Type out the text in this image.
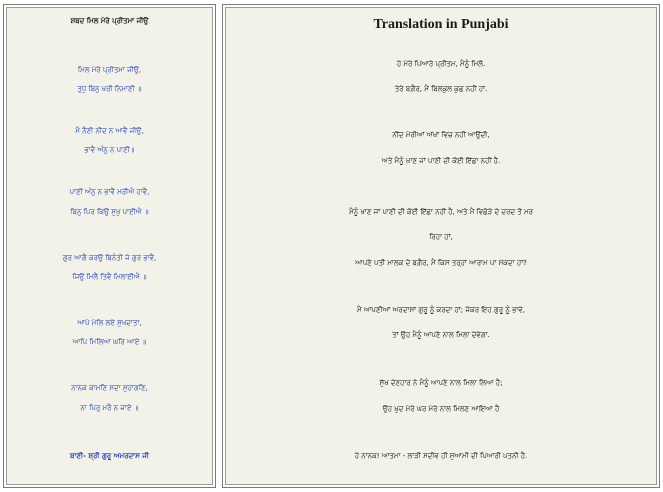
ਸ਼ਬਦ ਮਿਲ ਮੇਰੇ ਪ੍ਰੀਤਮਾ ਜੀਉ
ਮਿਲ ਮੇਰੇ ਪ੍ਰੀਤਮਾ ਜੀਉ,
ਤੁਧੁ ਬਿਨੁ ਖਰੀ ਨਿਮਾਣੀ ॥
ਮੈ ਨੈਣੀ ਨੀਦ ਨ ਆਵੈ ਜੀਉ,
ਭਾਵੈ ਅੰਨੁ ਨ ਪਾਣੀ॥
ਪਾਣੀ ਅੰਨੁ ਨ ਭਾਵੈ ਮਰੀਐ ਹਾਵੈ,
ਬਿਨੁ ਪਿਰ ਕਿਉ ਸੁਖੁ ਪਾਈਐ ॥
ਗੁਰ ਆਗੈ ਕਰਉ ਬਿਨੰਤੀ ਜੇ ਗੁਰ ਭਾਵੈ,
ਜਿਉ ਮਿਲੈ ਤਿਵੈ ਮਿਲਾਈਐ ॥
ਆਪੇ ਮੇਲਿ ਲਏ ਸੁਖਦਾਤਾ,
ਆਪਿ ਮਿਲਿਆ ਘਰਿ ਆਏ ॥
ਨਾਨਕ ਕਾਮਣਿ ਸਦਾ ਸੁਹਾਗਣਿ,
ਨਾ ਪਿਰੁ ਮਰੈ ਨ ਜਾਏ ॥
ਬਾਣੀ- ਸ਼੍ਰੀ ਗੁਰੂ ਅਮਰਦਾਸ ਜੀ
Translation in Punjabi
ਹੇ ਮੇਰੇ ਪਿਆਰੇ ਪ੍ਰੀਤਮ, ਮੈਨੂੰ ਮਿਲੋ.
ਤੇਰੇ ਬਗ਼ੈਰ, ਮੈਂ ਬਿਲਕੁਲ ਕੁਛ ਨਹੀਂ ਹਾਂ.
ਨੀਂਦ ਮੇਰੀਆਂ ਅੱਖਾਂ ਵਿਚ ਨਹੀਂ ਆਉਂਦੀ,
ਅਤੇ ਮੈਨੂੰ ਖਾਣ ਜਾਂ ਪਾਣੀ ਦੀ ਕੋਈ ਇੱਛਾ ਨਹੀਂ ਹੈ.
ਮੈਨੂੰ ਖਾਣ ਜਾਂ ਪਾਣੀ ਦੀ ਕੋਈ ਇੱਛਾ ਨਹੀਂ ਹੈ, ਅਤੇ ਮੈਂ ਵਿਛੋੜੇ ਦੇ ਦਰਦ ਤੋਂ ਮਰ
ਰਿਹਾ ਹਾਂ,
ਆਪਣੇ ਪਤੀ ਮਾਲਕ ਦੇ ਬਗ਼ੈਰ, ਮੈਂ ਕਿਸ ਤਰ੍ਹਾਂ ਆਰਾਮ ਪਾ ਸਕਦਾ ਹਾਂ?
ਮੈਂ ਆਪਣੀਆਂ ਅਰਦਾਸਾਂ ਗੁਰੂ ਨੂੰ ਕਰਦਾ ਹਾਂ; ਜੇਕਰ ਇਹ ਗੁਰੂ ਨੂੰ ਭਾਵੇ,
ਤਾਂ ਉਹ ਮੈਨੂੰ ਆਪਣੇ ਨਾਲ ਮਿਲਾ ਦੇਵੇਗਾ.
ਸੁੱਖ ਦੇਣਹਾਰ ਨੇ ਮੈਨੂੰ ਆਪਣੇ ਨਾਲ ਮਿਲਾ ਲਿਆ ਹੈ;
ਉਹ ਖ਼ੁਦ ਮੇਰੇ ਘਰ ਮੇਰੇ ਨਾਲ ਮਿਲਣ ਆਇਆ ਹੈ
ਹੇ ਨਾਨਕ! ਆਤਮਾ - ਲਾੜੀ ਸਦੀਵ ਹੀ ਸੁਆਮੀ ਦੀ ਪਿਆਰੀ ਪਤਨੀ ਹੈ.
